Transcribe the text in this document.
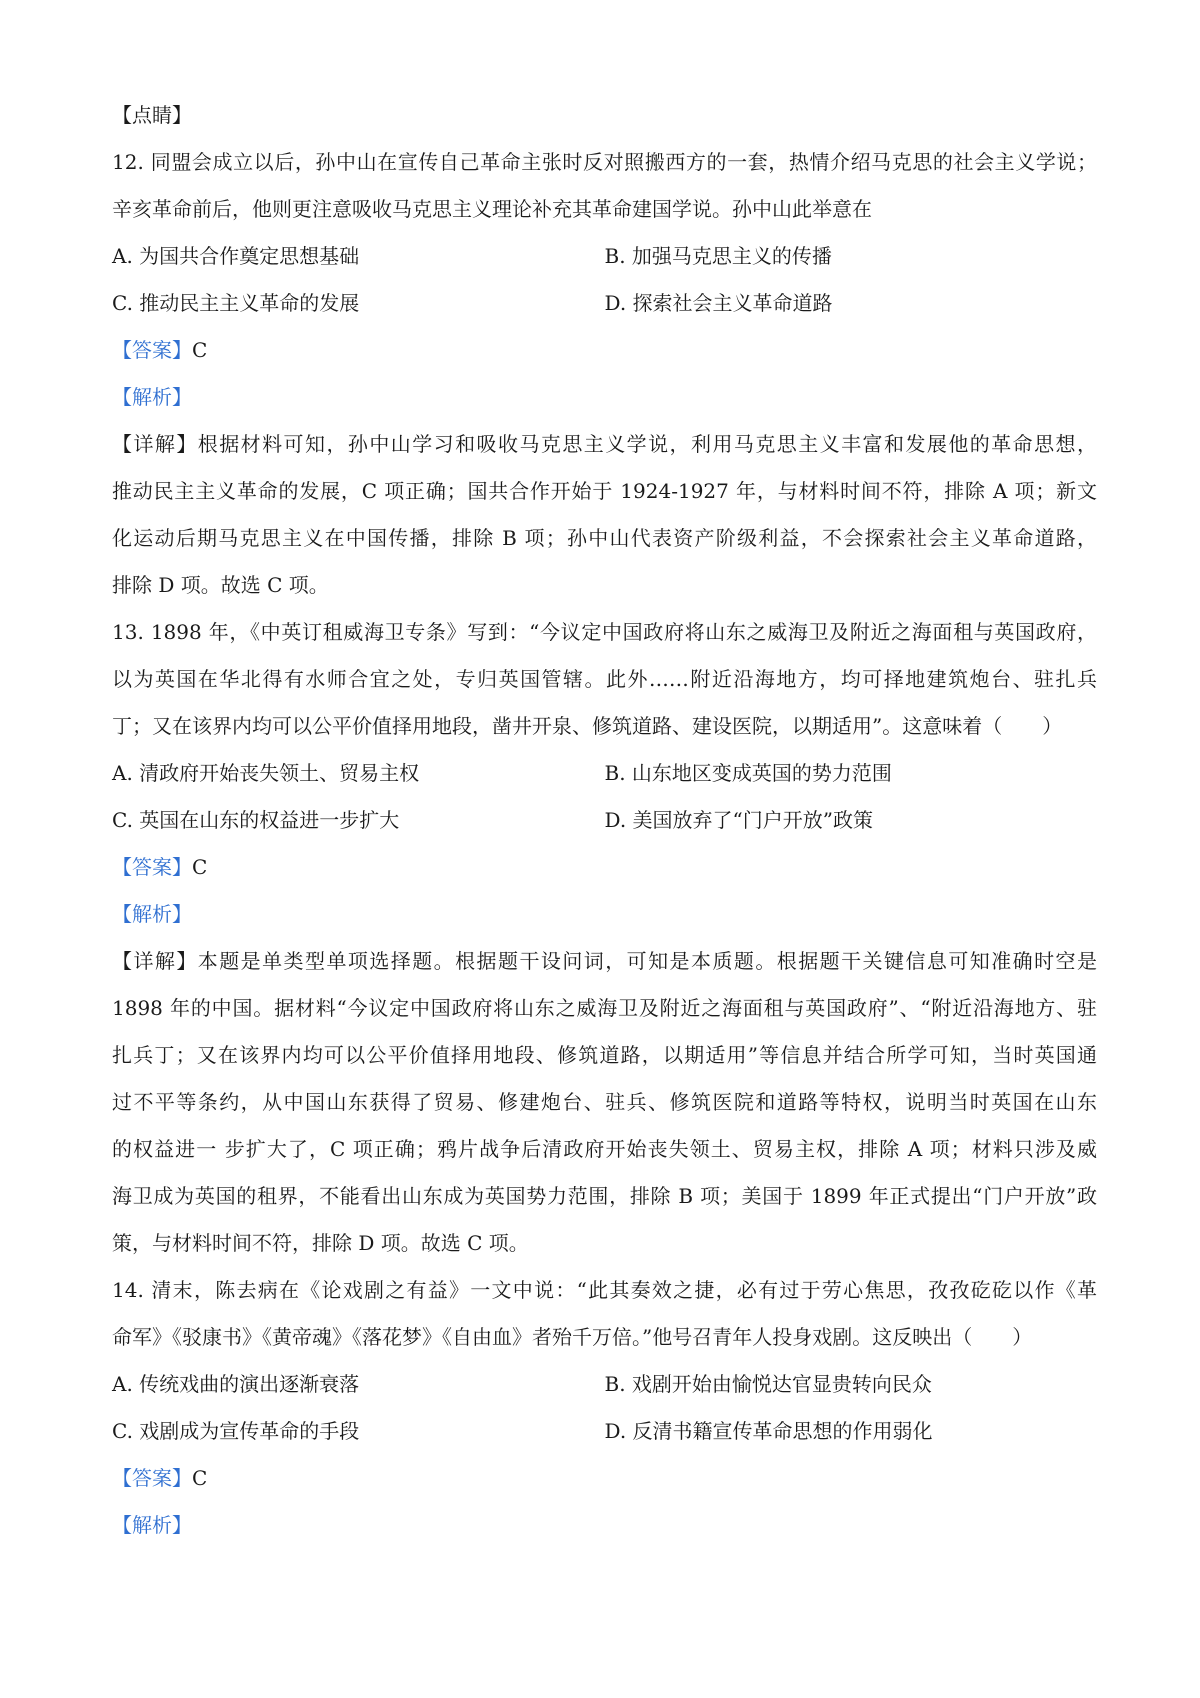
【点睛】
12. 同盟会成立以后，孙中山在宣传自己革命主张时反对照搬西方的一套，热情介绍马克思的社会主义学说；
辛亥革命前后，他则更注意吸收马克思主义理论补充其革命建国学说。孙中山此举意在
A. 为国共合作奠定思想基础	B. 加强马克思主义的传播
C. 推动民主主义革命的发展	D. 探索社会主义革命道路
【答案】C
【解析】
【详解】根据材料可知，孙中山学习和吸收马克思主义学说，利用马克思主义丰富和发展他的革命思想，
推动民主主义革命的发展，C 项正确；国共合作开始于 1924-1927 年，与材料时间不符，排除 A 项；新文
化运动后期马克思主义在中国传播，排除 B 项；孙中山代表资产阶级利益，不会探索社会主义革命道路，
排除 D 项。故选 C 项。
13. 1898 年，《中英订租威海卫专条》写到：“今议定中国政府将山东之威海卫及附近之海面租与英国政府，
以为英国在华北得有水师合宜之处，专归英国管辖。此外……附近沿海地方，均可择地建筑炮台、驻扎兵
丁；又在该界内均可以公平价值择用地段，凿井开泉、修筑道路、建设医院，以期适用”。这意味着（　　）
A. 清政府开始丧失领土、贸易主权	B. 山东地区变成英国的势力范围
C. 英国在山东的权益进一步扩大	D. 美国放弃了“门户开放”政策
【答案】C
【解析】
【详解】本题是单类型单项选择题。根据题干设问词，可知是本质题。根据题干关键信息可知准确时空是
1898 年的中国。据材料“今议定中国政府将山东之威海卫及附近之海面租与英国政府”、“附近沿海地方、驻
扎兵丁；又在该界内均可以公平价值择用地段、修筑道路，以期适用”等信息并结合所学可知，当时英国通
过不平等条约，从中国山东获得了贸易、修建炮台、驻兵、修筑医院和道路等特权，说明当时英国在山东
的权益进一 步扩大了，C 项正确；鸦片战争后清政府开始丧失领土、贸易主权，排除 A 项；材料只涉及威
海卫成为英国的租界，不能看出山东成为英国势力范围，排除 B 项；美国于 1899 年正式提出“门户开放”政
策，与材料时间不符，排除 D 项。故选 C 项。
14. 清末，陈去病在《论戏剧之有益》一文中说：“此其奏效之捷，必有过于劳心焦思，孜孜矻矻以作《革
命军》《驳康书》《黄帝魂》《落花梦》《自由血》者殆千万倍。”他号召青年人投身戏剧。这反映出（　　）
A. 传统戏曲的演出逐渐衰落	B. 戏剧开始由愉悦达官显贵转向民众
C. 戏剧成为宣传革命的手段	D. 反清书籍宣传革命思想的作用弱化
【答案】C
【解析】
